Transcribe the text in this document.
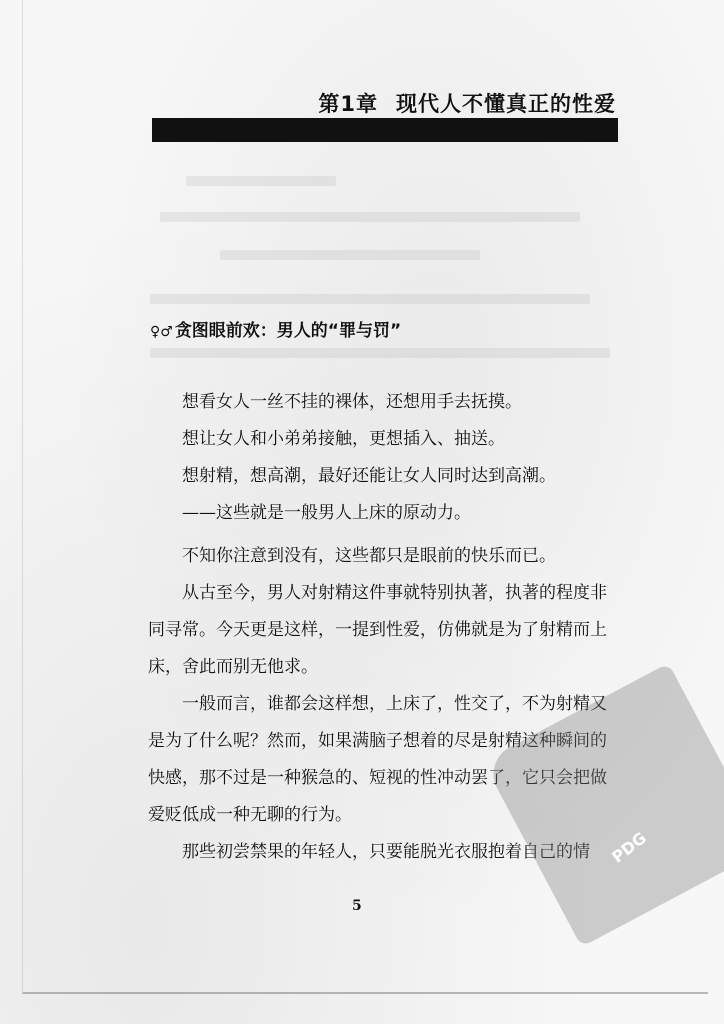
第1章 现代人不懂真正的性爱
♀♂ 贪图眼前欢：男人的“罪与罚”

想看女人一丝不挂的裸体，还想用手去抚摸。

想让女人和小弟弟接触，更想插入、抽送。

想射精，想高潮，最好还能让女人同时达到高潮。

——这些就是一般男人上床的原动力。

不知你注意到没有，这些都只是眼前的快乐而已。

从古至今，男人对射精这件事就特别执著，执著的程度非同寻常。今天更是这样，一提到性爱，仿佛就是为了射精而上床，舍此而别无他求。

一般而言，谁都会这样想，上床了，性交了，不为射精又是为了什么呢？然而，如果满脑子想着的尽是射精这种瞬间的快感，那不过是一种猴急的、短视的性冲动罢了，它只会把做爱贬低成一种无聊的行为。

那些初尝禁果的年轻人，只要能脱光衣服抱着自己的情

5
PDG
